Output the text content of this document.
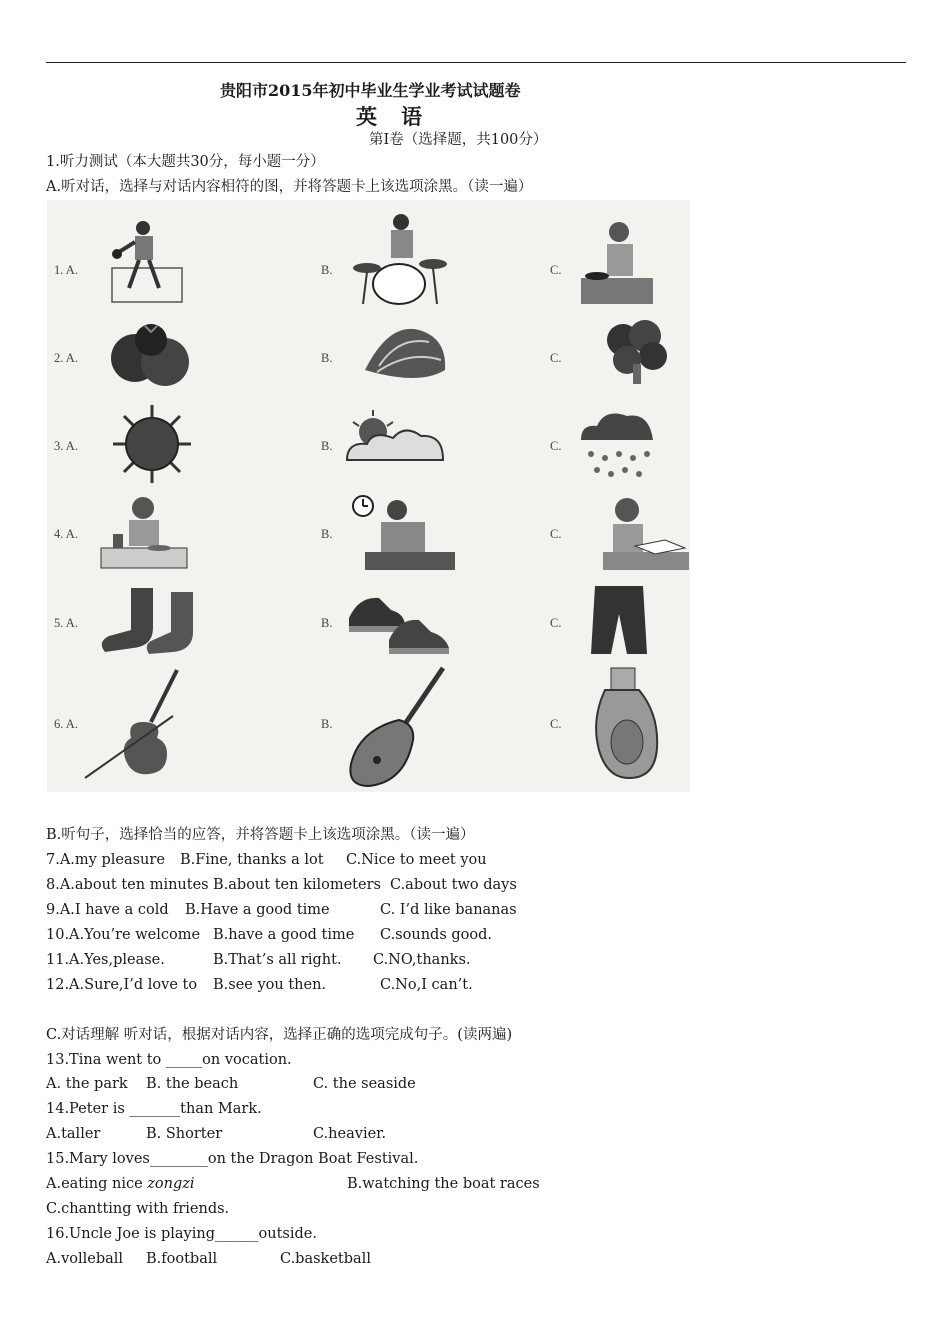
贵阳市2015年初中毕业生学业考试试题卷
英语
第Ⅰ卷（选择题，共100分）
1.听力测试（本大题共30分，每小题一分）
A.听对话，选择与对话内容相符的图，并将答题卡上该选项涂黑。（读一遍）
1. A.	B.	C.
2. A.	B.	C.
3. A.	B.	C.
4. A.	B.	C.
5. A.	B.	C.
6. A.	B.	C.
B.听句子，选择恰当的应答，并将答题卡上该选项涂黑。（读一遍）
7.A.my pleasure B.Fine, thanks a lot C.Nice to meet you
8.A.about ten minutes B.about ten kilometers C.about two days
9.A.I have a cold B.Have a good time	C. I’d like bananas
10.A.You’re welcome B.have a good time C.sounds good.
11.A.Yes,please.	B.That’s all right. C.NO,thanks.
12.A.Sure,I’d love to B.see you then.	C.No,I can’t.
C.对话理解 听对话，根据对话内容，选择正确的选项完成句子。(读两遍)
13.Tina went to _____on vocation.
A. the park B. the beach	C. the seaside
14.Peter is _______than Mark.
A.taller	B. Shorter	C.heavier.
15.Mary loves________on the Dragon Boat Festival.
A.eating nice zongzi	B.watching the boat races
C.chantting with friends.
16.Uncle Joe is playing______outside.
A.volleball B.football	C.basketball
